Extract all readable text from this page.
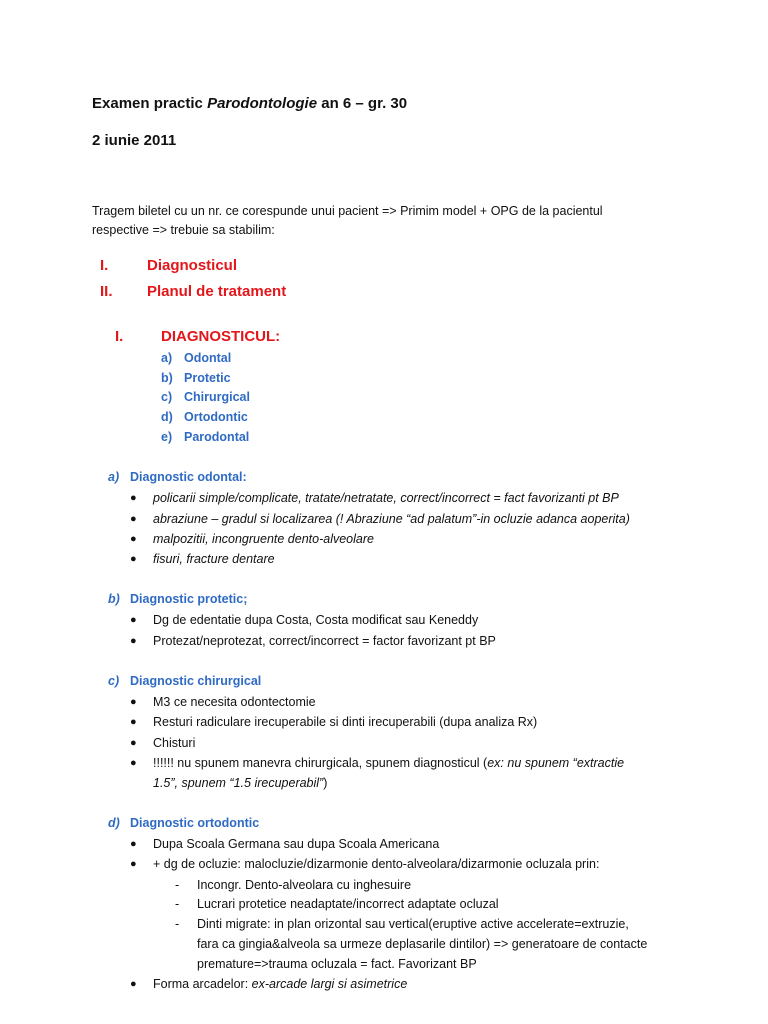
Examen practic Parodontologie an 6 – gr. 30
2 iunie 2011
Tragem biletel cu un nr. ce corespunde unui pacient => Primim model + OPG de la pacientul
respective => trebuie sa stabilim:
I.	Diagnosticul
II. Planul de tratament
I.	DIAGNOSTICUL:
a) Odontal
b) Protetic
c) Chirurgical
d) Ortodontic
e) Parodontal
a) Diagnostic odontal:
● policarii simple/complicate, tratate/netratate, correct/incorrect = fact favorizanti pt BP
● abraziune – gradul si localizarea (! Abraziune “ad palatum”-in ocluzie adanca aoperita)
● malpozitii, incongruente dento-alveolare
● fisuri, fracture dentare
b) Diagnostic protetic;
● Dg de edentatie dupa Costa, Costa modificat sau Keneddy
● Protezat/neprotezat, correct/incorrect = factor favorizant pt BP
c) Diagnostic chirurgical
● M3 ce necesita odontectomie
● Resturi radiculare irecuperabile si dinti irecuperabili (dupa analiza Rx)
● Chisturi
● !!!!!! nu spunem manevra chirurgicala, spunem diagnosticul (ex: nu spunem “extractie
1.5”, spunem “1.5 irecuperabil”)
d) Diagnostic ortodontic
● Dupa Scoala Germana sau dupa Scoala Americana
● + dg de ocluzie: malocluzie/dizarmonie dento-alveolara/dizarmonie ocluzala prin:
- Incongr. Dento-alveolara cu inghesuire
- Lucrari protetice neadaptate/incorrect adaptate ocluzal
- Dinti migrate: in plan orizontal sau vertical(eruptive active accelerate=extruzie,
fara ca gingia&alveola sa urmeze deplasarile dintilor) => generatoare de contacte
premature=>trauma ocluzala = fact. Favorizant BP
● Forma arcadelor: ex-arcade largi si asimetrice
